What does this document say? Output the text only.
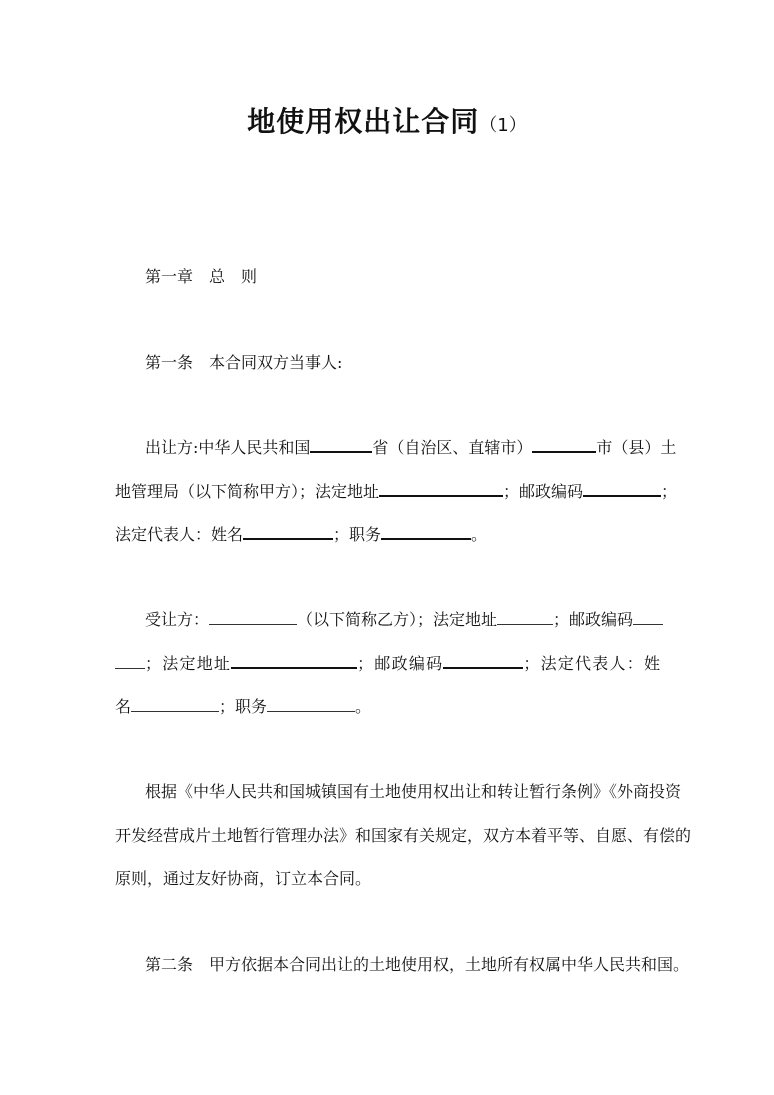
地使用权出让合同（1）
第一章　总　则
第一条　本合同双方当事人:
出让方:中华人民共和国	省（自治区、直辖市）	市（县）土
地管理局（以下简称甲方）；法定地址	；邮政编码	；
法定代表人：姓名	；职务	。
受让方：	（以下简称乙方）；法定地址	；邮政编码
；法定地址	；邮政编码	；法定代表人：姓
名	；职务	。
根据《中华人民共和国城镇国有土地使用权出让和转让暂行条例》《外商投资
开发经营成片土地暂行管理办法》和国家有关规定，双方本着平等、自愿、有偿的
原则，通过友好协商，订立本合同。
第二条　甲方依据本合同出让的土地使用权，土地所有权属中华人民共和国。
